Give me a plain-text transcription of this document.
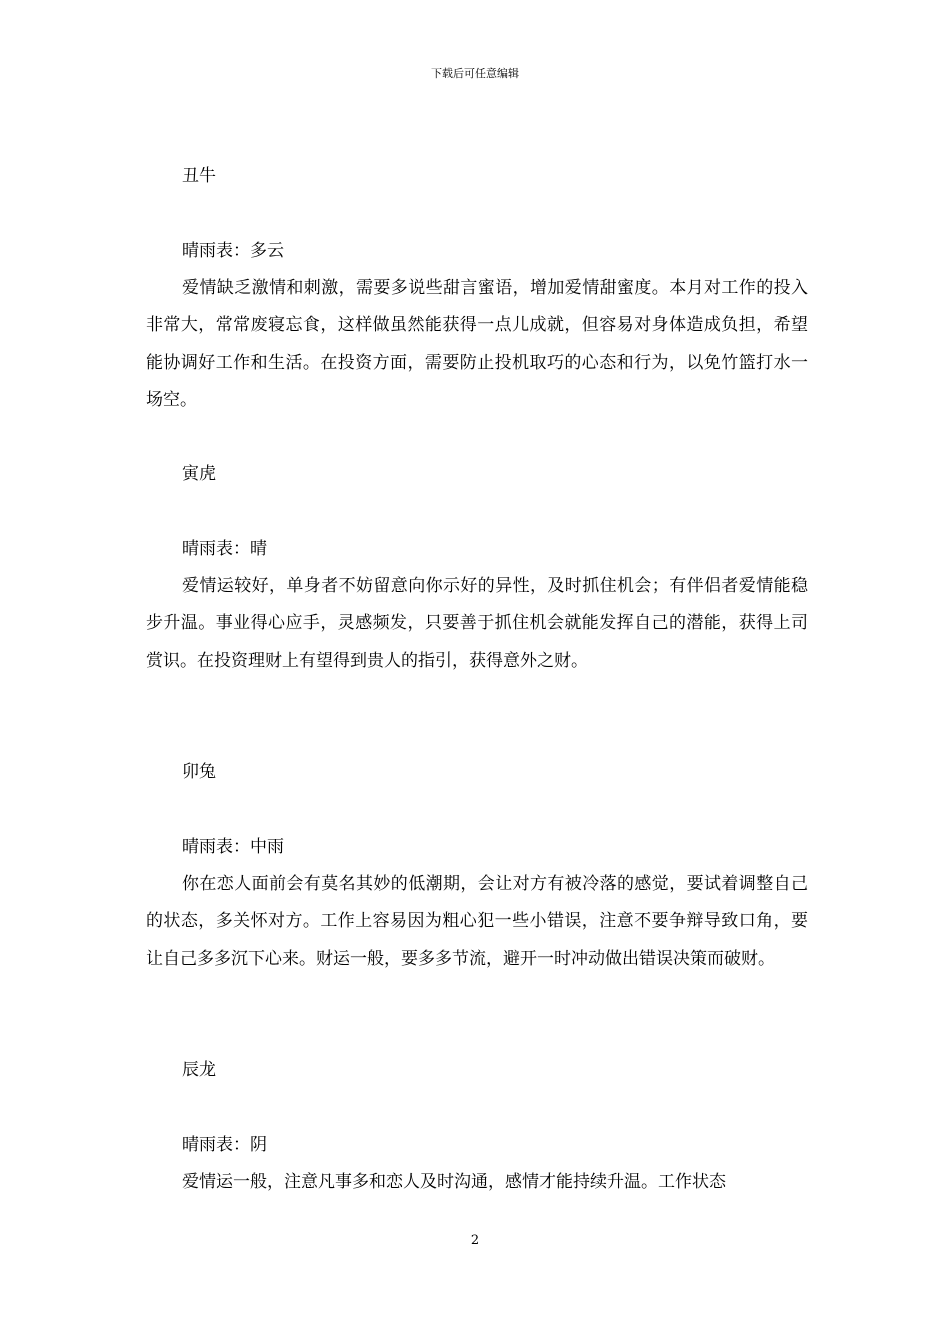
下载后可任意编辑
丑牛
晴雨表：多云
爱情缺乏激情和刺激，需要多说些甜言蜜语，增加爱情甜蜜度。本月对工作的投入非常大，常常废寝忘食，这样做虽然能获得一点儿成就，但容易对身体造成负担，希望能协调好工作和生活。在投资方面，需要防止投机取巧的心态和行为，以免竹篮打水一场空。
寅虎
晴雨表：晴
爱情运较好，单身者不妨留意向你示好的异性，及时抓住机会；有伴侣者爱情能稳步升温。事业得心应手，灵感频发，只要善于抓住机会就能发挥自己的潜能，获得上司赏识。在投资理财上有望得到贵人的指引，获得意外之财。
卯兔
晴雨表：中雨
你在恋人面前会有莫名其妙的低潮期，会让对方有被冷落的感觉，要试着调整自己的状态，多关怀对方。工作上容易因为粗心犯一些小错误，注意不要争辩导致口角，要让自己多多沉下心来。财运一般，要多多节流，避开一时冲动做出错误决策而破财。
辰龙
晴雨表：阴
爱情运一般，注意凡事多和恋人及时沟通，感情才能持续升温。工作状态
2
